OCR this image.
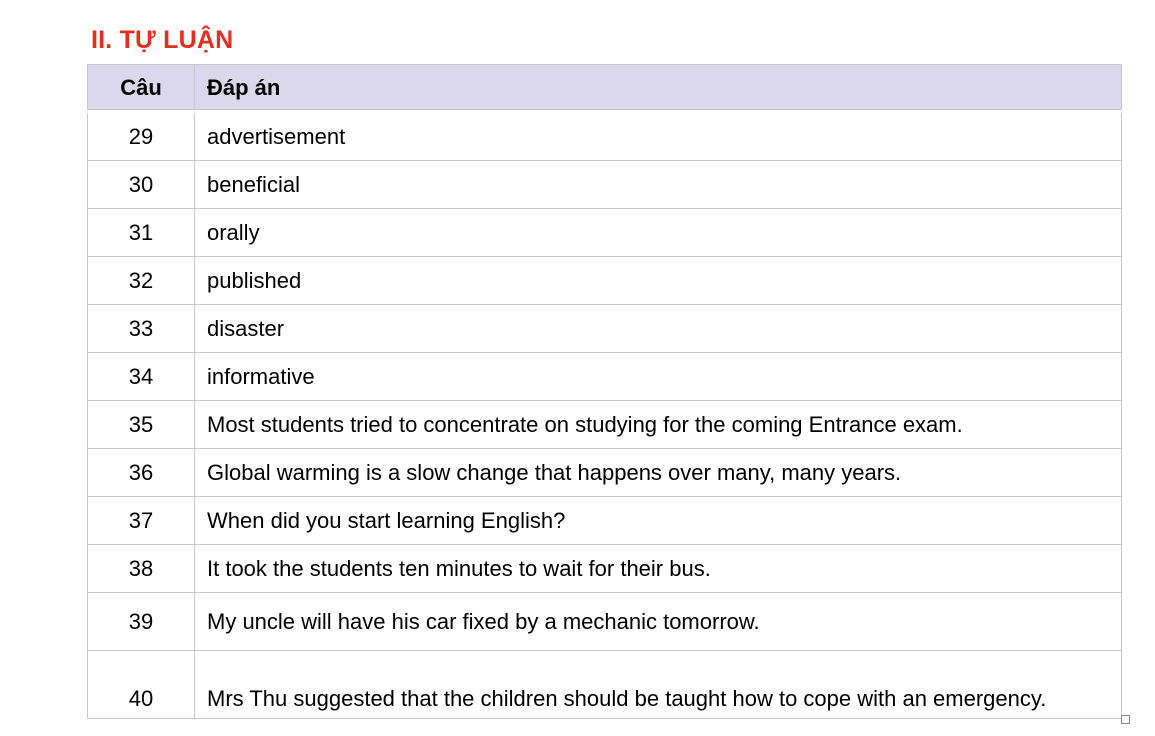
II. TỰ LUẬN
Câu	Đáp án
29	advertisement
30	beneficial
31	orally
32	published
33	disaster
34	informative
35	Most students tried to concentrate on studying for the coming Entrance exam.
36	Global warming is a slow change that happens over many, many years.
37	When did you start learning English?
38	It took the students ten minutes to wait for their bus.
39	My uncle will have his car fixed by a mechanic tomorrow.
40	Mrs Thu suggested that the children should be taught how to cope with an emergency.
